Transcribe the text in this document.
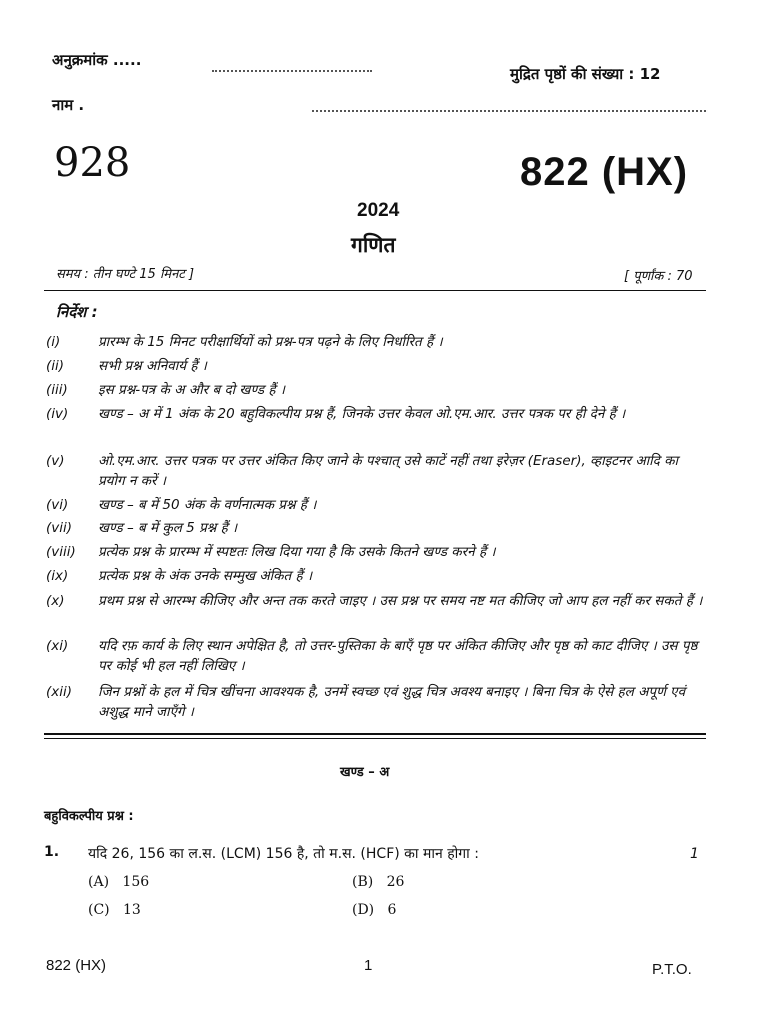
अनुक्रमांक .....
मुद्रित पृष्ठों की संख्या : 12
नाम .
928	822 (HX)
2024
गणित
समय : तीन घण्टे 15 मिनट ]	[ पूर्णांक : 70
निर्देश :
(i)	प्रारम्भ के 15 मिनट परीक्षार्थियों को प्रश्न-पत्र पढ़ने के लिए निर्धारित हैं ।
(ii)	सभी प्रश्न अनिवार्य हैं ।
(iii)	इस प्रश्न-पत्र के अ और ब दो खण्ड हैं ।
(iv)	खण्ड – अ में 1 अंक के 20 बहुविकल्पीय प्रश्न हैं, जिनके उत्तर केवल ओ.एम.आर. उत्तर पत्रक पर ही देने हैं ।
(v)	ओ.एम.आर. उत्तर पत्रक पर उत्तर अंकित किए जाने के पश्चात् उसे काटें नहीं तथा इरेज़र (Eraser), व्हाइटनर आदि का प्रयोग न करें ।
(vi)	खण्ड – ब में 50 अंक के वर्णनात्मक प्रश्न हैं ।
(vii)	खण्ड – ब में कुल 5 प्रश्न हैं ।
(viii)	प्रत्येक प्रश्न के प्रारम्भ में स्पष्टतः लिख दिया गया है कि उसके कितने खण्ड करने हैं ।
(ix)	प्रत्येक प्रश्न के अंक उनके सम्मुख अंकित हैं ।
(x)	प्रथम प्रश्न से आरम्भ कीजिए और अन्त तक करते जाइए । उस प्रश्न पर समय नष्ट मत कीजिए जो आप हल नहीं कर सकते हैं ।
(xi)	यदि रफ़ कार्य के लिए स्थान अपेक्षित है, तो उत्तर-पुस्तिका के बाएँ पृष्ठ पर अंकित कीजिए और पृष्ठ को काट दीजिए । उस पृष्ठ पर कोई भी हल नहीं लिखिए ।
(xii)	जिन प्रश्नों के हल में चित्र खींचना आवश्यक है, उनमें स्वच्छ एवं शुद्ध चित्र अवश्य बनाइए । बिना चित्र के ऐसे हल अपूर्ण एवं अशुद्ध माने जाएँगे ।
खण्ड – अ
बहुविकल्पीय प्रश्न :
1. यदि 26, 156 का ल.स. (LCM) 156 है, तो म.स. (HCF) का मान होगा :	1
(A) 156	(B) 26
(C) 13	(D) 6
822 (HX)	1	P.T.O.
